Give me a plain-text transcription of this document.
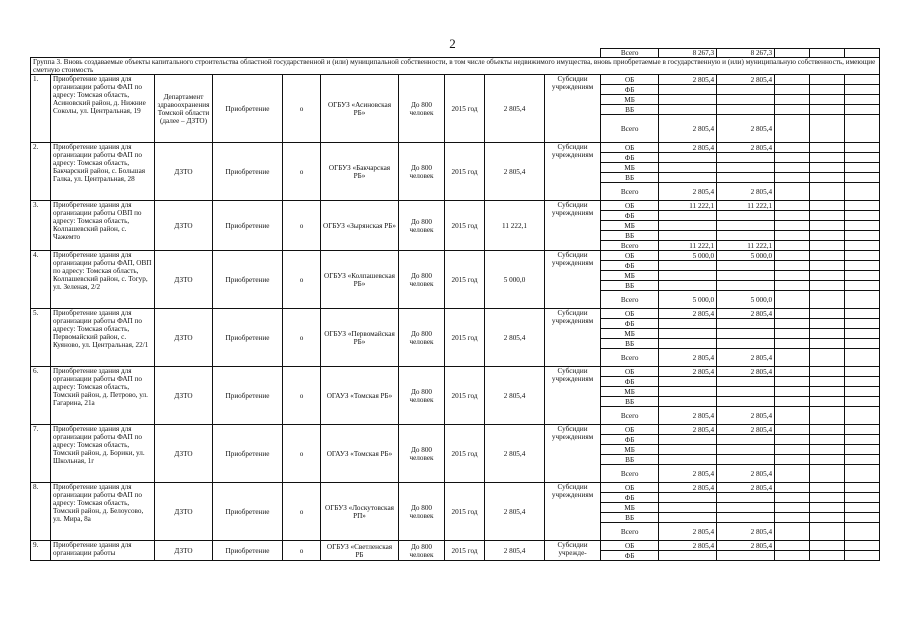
2
										Всего	8 267,3	8 267,3			
Группа 3. Вновь создаваемые объекты капитального строительства областной государственной и (или) муниципальной собственности, в том числе объекты недвижимого имущества, вновь приобретаемые в государственную и (или) муниципальную собственность, имеющие сметную стоимость															
1.	Приобретение здания для организации работы ФАП по адресу: Томская область, Асиновский район, д. Нижние Соколы, ул. Центральная, 19	Департамент здравоохранения Томской области (далее – ДЗТО)	Приобретение	о	ОГБУЗ «Асиновская РБ»	До 800 человек	2015 год	2 805,4	Субсидии учреждениям	ОБ	2 805,4	2 805,4			
										ФБ					
										МБ					
										ВБ					
										Всего	2 805,4	2 805,4			
2.	Приобретение здания для организации работы ФАП по адресу: Томская область, Бакчарский район, с. Большая Галка, ул. Центральная, 28	ДЗТО	Приобретение	о	ОГБУЗ «Бакчарская РБ»	До 800 человек	2015 год	2 805,4	Субсидии учреждениям	ОБ	2 805,4	2 805,4			
										ФБ					
										МБ					
										ВБ					
										Всего	2 805,4	2 805,4			
3.	Приобретение здания для организации работы ОВП по адресу: Томская область, Колпашевский район, с. Чажемто	ДЗТО	Приобретение	о	ОГБУЗ «Зырянская РБ»	До 800 человек	2015 год	11 222,1	Субсидии учреждениям	ОБ	11 222,1	11 222,1			
										ФБ					
										МБ					
										ВБ					
										Всего	11 222,1	11 222,1			
4.	Приобретение здания для организации работы ФАП, ОВП по адресу: Томская область, Колпашевский район, с. Тогур, ул. Зеленая, 2/2	ДЗТО	Приобретение	о	ОГБУЗ «Колпашевская РБ»	До 800 человек	2015 год	5 000,0	Субсидии учреждениям	ОБ	5 000,0	5 000,0			
										ФБ					
										МБ					
										ВБ					
										Всего	5 000,0	5 000,0			
5.	Приобретение здания для организации работы ФАП по адресу: Томская область, Первомайский район, с. Куяново, ул. Центральная, 22/1	ДЗТО	Приобретение	о	ОГБУЗ «Первомайская РБ»	До 800 человек	2015 год	2 805,4	Субсидии учреждениям	ОБ	2 805,4	2 805,4			
										ФБ					
										МБ					
										ВБ					
										Всего	2 805,4	2 805,4			
6.	Приобретение здания для организации работы ФАП по адресу: Томская область, Томский район, д. Петрово, ул. Гагарина, 21а	ДЗТО	Приобретение	о	ОГАУЗ «Томская РБ»	До 800 человек	2015 год	2 805,4	Субсидии учреждениям	ОБ	2 805,4	2 805,4			
										ФБ					
										МБ					
										ВБ					
										Всего	2 805,4	2 805,4			
7.	Приобретение здания для организации работы ФАП по адресу: Томская область, Томский район, д. Борики, ул. Школьная, 1г	ДЗТО	Приобретение	о	ОГАУЗ «Томская РБ»	До 800 человек	2015 год	2 805,4	Субсидии учреждениям	ОБ	2 805,4	2 805,4			
										ФБ					
										МБ					
										ВБ					
										Всего	2 805,4	2 805,4			
8.	Приобретение здания для организации работы ФАП по адресу: Томская область, Томский район, д. Белоусово, ул. Мира, 8а	ДЗТО	Приобретение	о	ОГБУЗ «Лоскутовская РП»	До 800 человек	2015 год	2 805,4	Субсидии учреждениям	ОБ	2 805,4	2 805,4			
										ФБ					
										МБ					
										ВБ					
										Всего	2 805,4	2 805,4			
9.	Приобретение здания для организации работы	ДЗТО	Приобретение	о	ОГБУЗ «Светленская РБ	До 800 человек	2015 год	2 805,4	Субсидии учрежде-	ОБ	2 805,4	2 805,4			
										ФБ					
